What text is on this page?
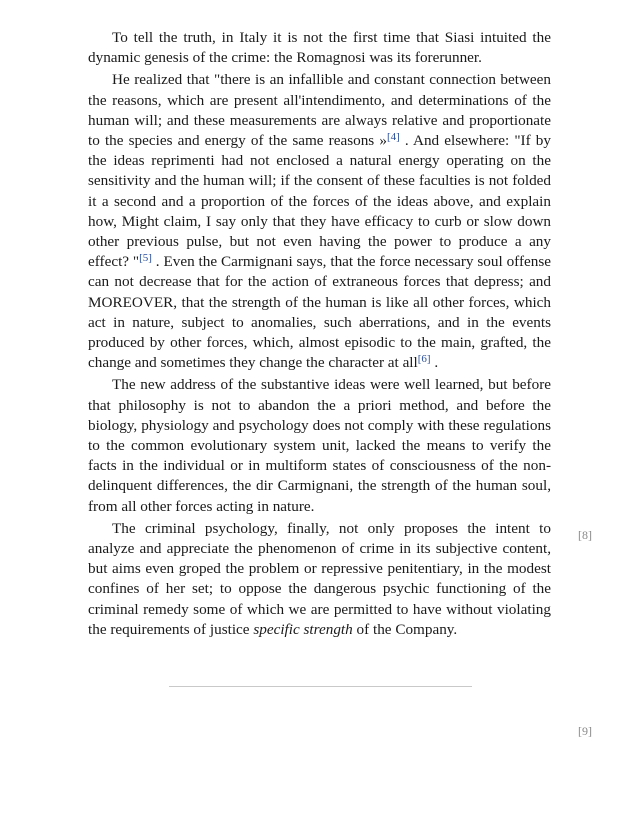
To tell the truth, in Italy it is not the first time that Siasi intuited the dynamic genesis of the crime: the Romagnosi was its forerunner.

He realized that "there is an infallible and constant connection between the reasons, which are present all'intendimento, and determinations of the human will; and these measurements are always relative and proportionate to the species and energy of the same reasons »[4] . And elsewhere: "If by the ideas reprimenti had not enclosed a natural energy operating on the sensitivity and the human will; if the consent of these faculties is not folded it a second and a proportion of the forces of the ideas above, and explain how, Might claim, I say only that they have efficacy to curb or slow down other previous pulse, but not even having the power to produce a any effect? "[5] . Even the Carmignani says, that the force necessary soul offense can not decrease that for the action of extraneous forces that depress; and MOREOVER, that the strength of the human is like all other forces, which act in nature, subject to anomalies, such aberrations, and in the events produced by other forces, which, almost episodic to the main, grafted, the change and sometimes they change the character at all[6] .

The new address of the substantive ideas were well learned, but before that philosophy is not to abandon the a priori method, and before the biology, physiology and psychology does not comply with these regulations to the common evolutionary system unit, lacked the means to verify the facts in the individual or in multiform states of consciousness of the non-delinquent differences, the dir Carmignani, the strength of the human soul, from all other forces acting in nature.

The criminal psychology, finally, not only proposes the intent to analyze and appreciate the phenomenon of crime in its subjective content, but aims even groped the problem or repressive penitentiary, in the modest confines of her set; to oppose the dangerous psychic functioning of the criminal remedy some of which we are permitted to have without violating the requirements of justice specific strength of the Company.

[8]
[9]
